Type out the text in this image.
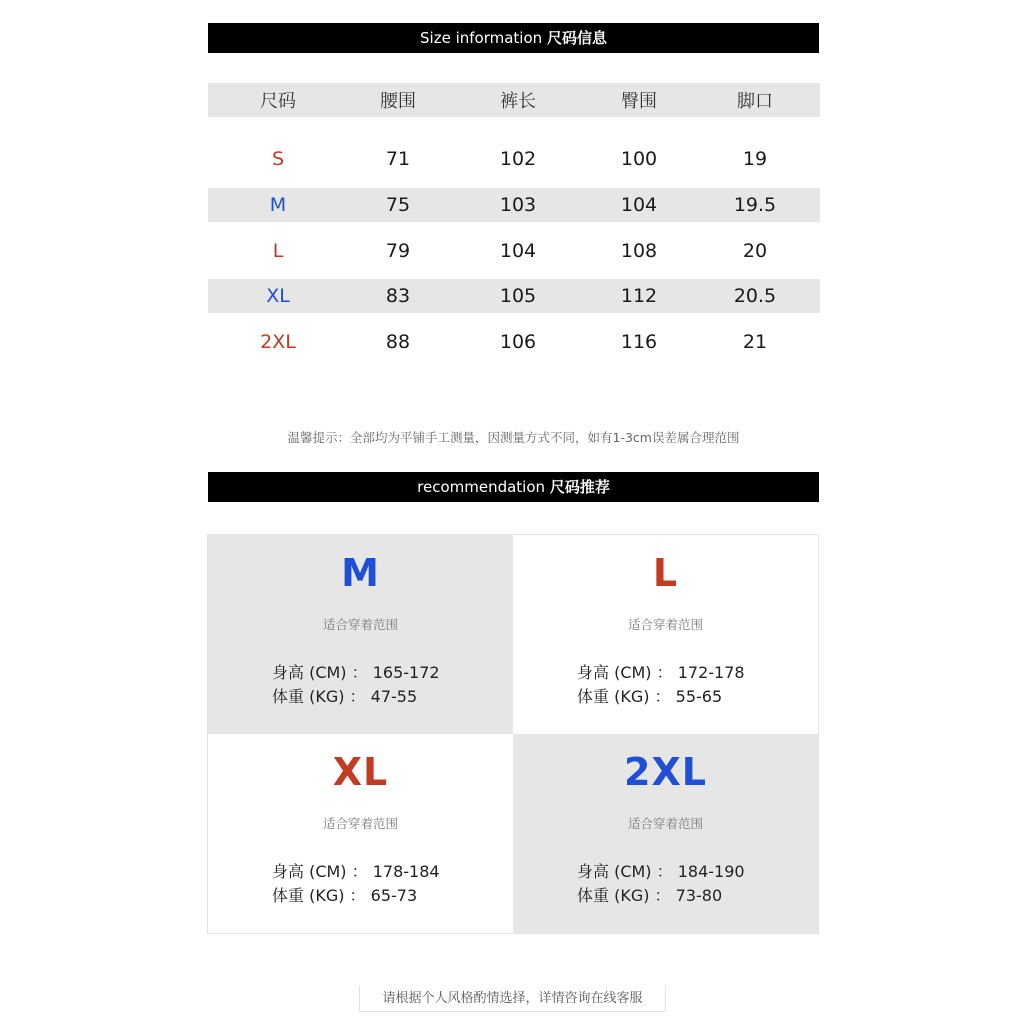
Size information 尺码信息
尺码	腰围	裤长	臀围	脚口
S	71	102	100	19
M	75	103	104	19.5
L	79	104	108	20
XL	83	105	112	20.5
2XL	88	106	116	21
温馨提示：全部均为平铺手工测量，因测量方式不同，如有1-3cm误差属合理范围
recommendation 尺码推荐
M
适合穿着范围
身高 (CM) ： 165-172
体重 (KG) ： 47-55
L
适合穿着范围
身高 (CM) ： 172-178
体重 (KG) ： 55-65
XL
适合穿着范围
身高 (CM) ： 178-184
体重 (KG) ： 65-73
2XL
适合穿着范围
身高 (CM) ： 184-190
体重 (KG) ： 73-80
请根据个人风格酌情选择，详情咨询在线客服
